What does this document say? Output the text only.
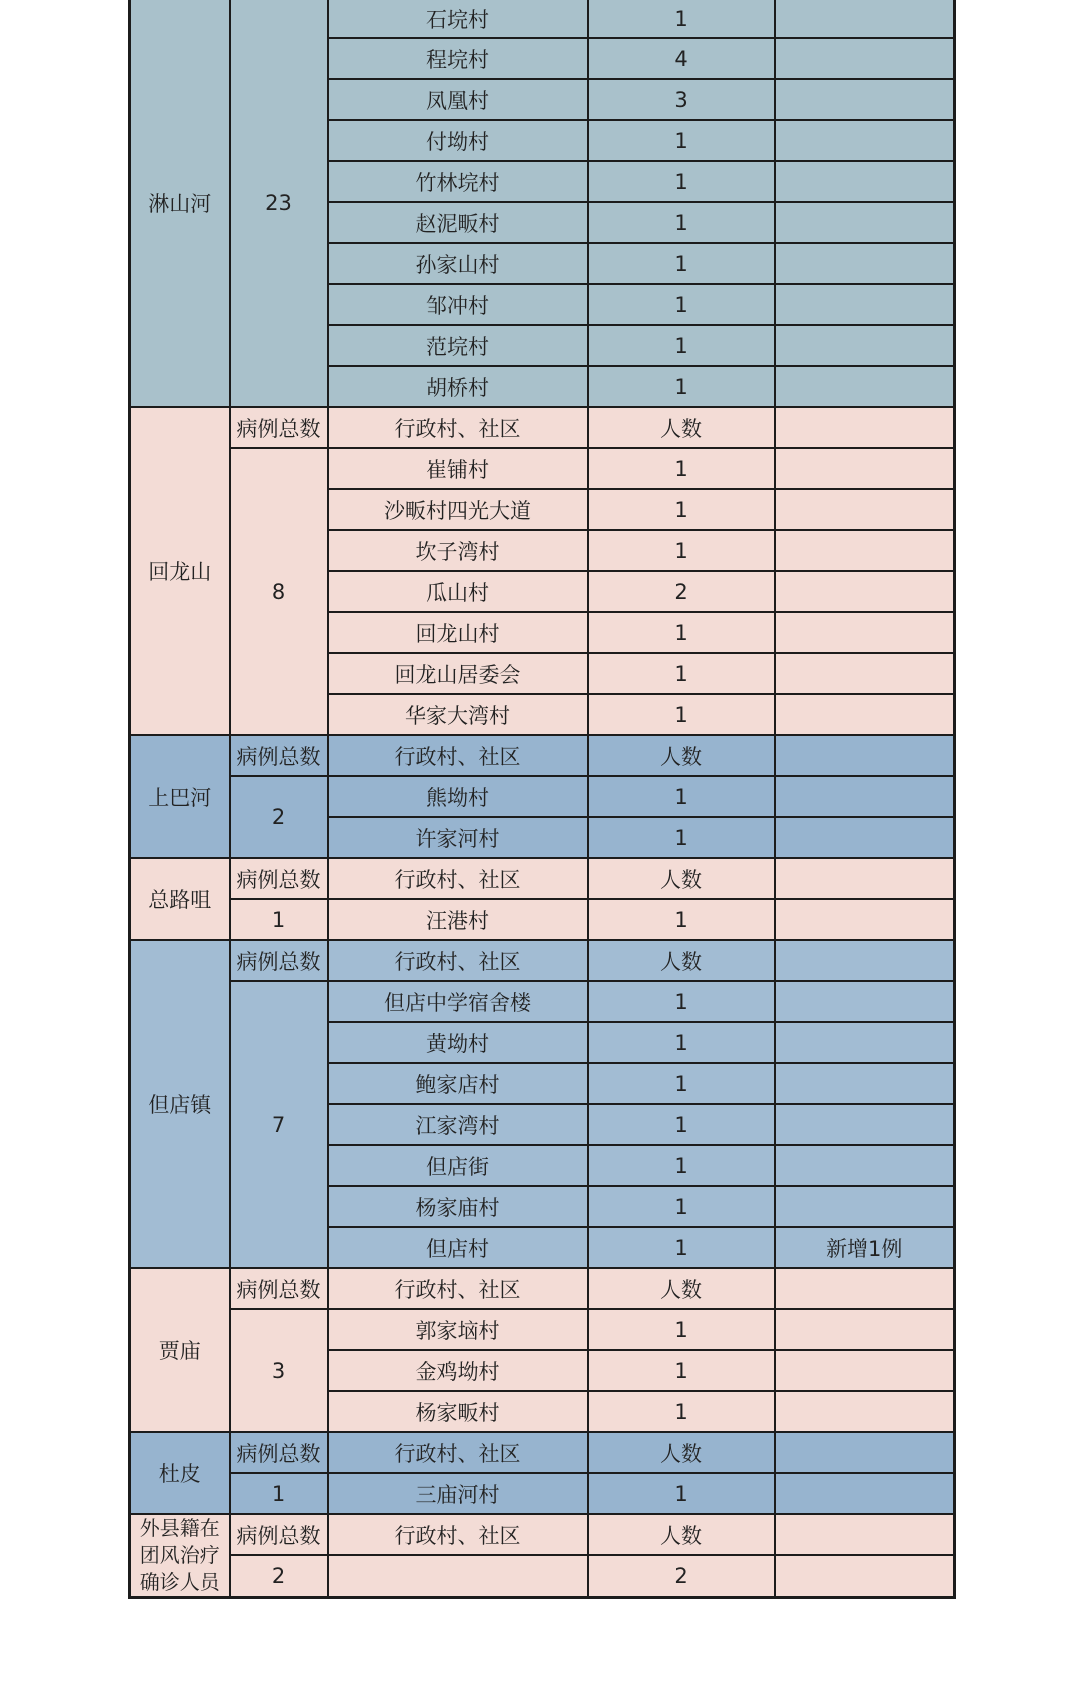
淋山河	23	石垸村	1	
		程垸村	4	
		凤凰村	3	
		付坳村	1	
		竹林垸村	1	
		赵泥畈村	1	
		孙家山村	1	
		邹冲村	1	
		范垸村	1	
		胡桥村	1	
回龙山	病例总数	行政村、社区	人数	
	8	崔铺村	1	
		沙畈村四光大道	1	
		坎子湾村	1	
		瓜山村	2	
		回龙山村	1	
		回龙山居委会	1	
		华家大湾村	1	
上巴河	病例总数	行政村、社区	人数	
	2	熊坳村	1	
		许家河村	1	
总路咀	病例总数	行政村、社区	人数	
	1	汪港村	1	
但店镇	病例总数	行政村、社区	人数	
	7	但店中学宿舍楼	1	
		黄坳村	1	
		鲍家店村	1	
		江家湾村	1	
		但店街	1	
		杨家庙村	1	
		但店村	1	新增1例
贾庙	病例总数	行政村、社区	人数	
	3	郭家垴村	1	
		金鸡坳村	1	
		杨家畈村	1	
杜皮	病例总数	行政村、社区	人数	
	1	三庙河村	1	
外县籍在团风治疗确诊人员	病例总数	行政村、社区	人数	
	2		2	
